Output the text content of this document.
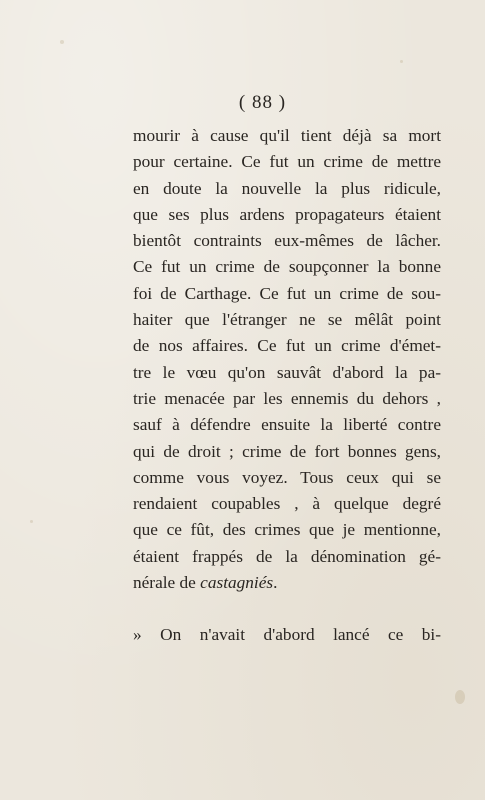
( 88 )
mourir à cause qu'il tient déjà sa mort
pour certaine. Ce fut un crime de mettre
en doute la nouvelle la plus ridicule,
que ses plus ardens propagateurs étaient
bientôt contraints eux-mêmes de lâcher.
Ce fut un crime de soupçonner la bonne
foi de Carthage. Ce fut un crime de sou-
haiter que l'étranger ne se mêlât point
de nos affaires. Ce fut un crime d'émet-
tre le vœu qu'on sauvât d'abord la pa-
trie menacée par les ennemis du dehors ,
sauf à défendre ensuite la liberté contre
qui de droit ; crime de fort bonnes gens,
comme vous voyez. Tous ceux qui se
rendaient coupables , à quelque degré
que ce fût, des crimes que je mentionne,
étaient frappés de la dénomination gé-
nérale de castagniés.
» On n'avait d'abord lancé ce bi-
